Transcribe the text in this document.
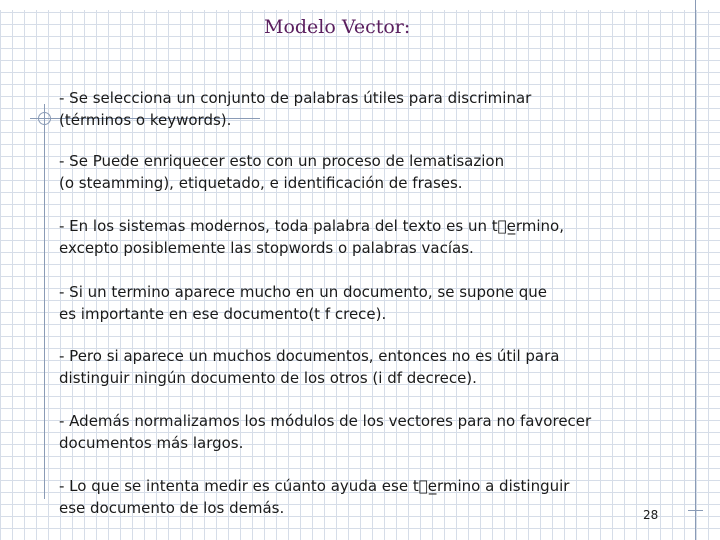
Modelo Vector:

- Se selecciona un conjunto de palabras útiles para discriminar
(términos o keywords).

- Se Puede enriquecer esto con un proceso de lematisazion
(o steamming), etiquetado, e identificación de frases.

- En los sistemas modernos, toda palabra del texto es un t e̲rmino,
excepto posiblemente las stopwords o palabras vacías.

- Si un termino aparece mucho en un documento, se supone que
es importante en ese documento(t f crece).

- Pero si aparece un muchos documentos, entonces no es útil para
distinguir ningún documento de los otros (i df decrece).

- Además normalizamos los módulos de los vectores para no favorecer
documentos más largos.

- Lo que se intenta medir es cúanto ayuda ese t e̲rmino a distinguir
ese documento de los demás.	28
